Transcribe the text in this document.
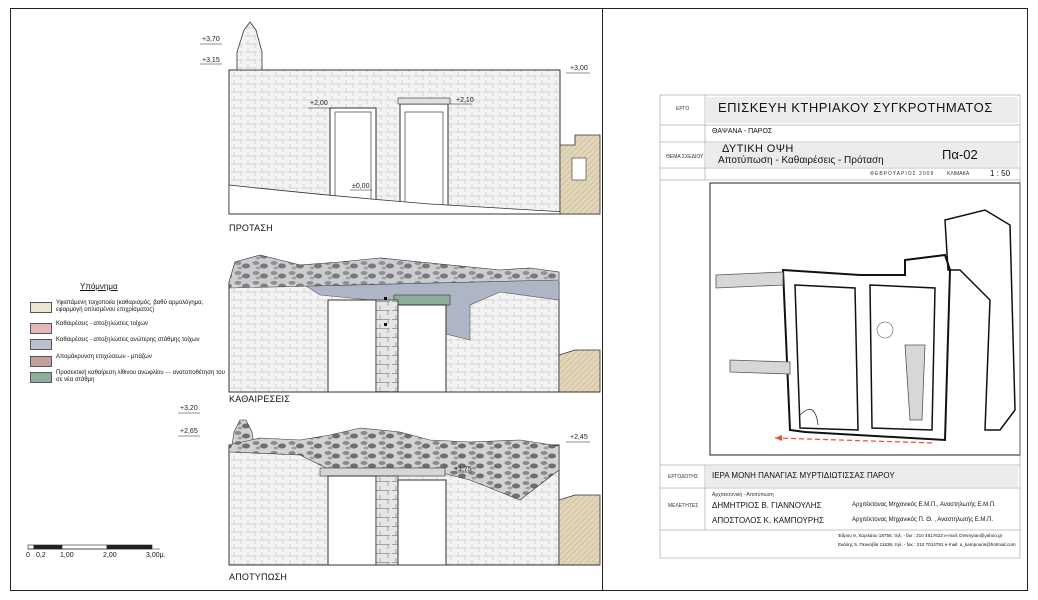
+3,70
+3,15
+3,00
+2,00	+2,10
±0,00
+3,20
+2,65
+2,45
+1,75
ΠΡΟΤΑΣΗ
ΚΑΘΑΙΡΕΣΕΙΣ
ΑΠΟΤΥΠΩΣΗ
Υπόμνημα
Υφιστάμενη τοιχοποιία (καθαρισμός, βαθύ αρμολόγημα, εφαρμογή οπλισμένου επιχρίσματος)
Καθαιρέσεις - αποξηλώσεις τοίχων
Καθαιρέσεις - αποξηλώσεις ανώτερης στάθμης τοίχων
Απομάκρυνση επιχώσεων - μπάζων
Προσεκτική καθαίρεση λίθινου ανωφλίου - - ανατοποθέτηση του σε νέα στάθμη
0 0,2 1,00	2,00	3,00μ.
ΕΡΓΟ ΕΠΙΣΚΕΥΗ ΚΤΗΡΙΑΚΟΥ ΣΥΓΚΡΟΤΗΜΑΤΟΣ
ΘΑΨΑΝΑ - ΠΑΡΟΣ
ΘΕΜΑ ΣΧΕΔΙΟΥ
ΔΥΤΙΚΗ ΟΨΗ
Αποτύπωση - Καθαιρέσεις - Πρόταση	Πα-02
ΦΕΒΡΟΥΑΡΙΟΣ 2009	ΚΛΙΜΑΚΑ	1 : 50
ΕΡΓΟΔΟΤΗΣ ΙΕΡΑ ΜΟΝΗ ΠΑΝΑΓΙΑΣ ΜΥΡΤΙΔΙΩΤΙΣΣΑΣ ΠΑΡΟΥ
ΜΕΛΕΤΗΤΕΣ
Αρχιτεκτονική - Αποτύπωση
ΔΗΜΗΤΡΙΟΣ Β. ΓΙΑΝΝΟΥΛΗΣ	Αρχιτέκτονας Μηχανικός Ε.Μ.Π., Αναστηλωτής Ε.Μ.Π.
ΑΠΟΣΤΟΛΟΣ Κ. ΚΑΜΠΟΥΡΗΣ	Αρχιτέκτονας Μηχανικός Π. Θ. , Αναστηλωτής Ε.Μ.Π.
Έδρου 9, Χαριλάου 18756, τηλ. - fax : 210 4617623 e-mail: Dimmyian@yahoo.gr
Εκάλης 5, Πευκοβία 11636, τηλ. - fax : 210 7014781 e-mail: a_kampouris@hotmail.com
